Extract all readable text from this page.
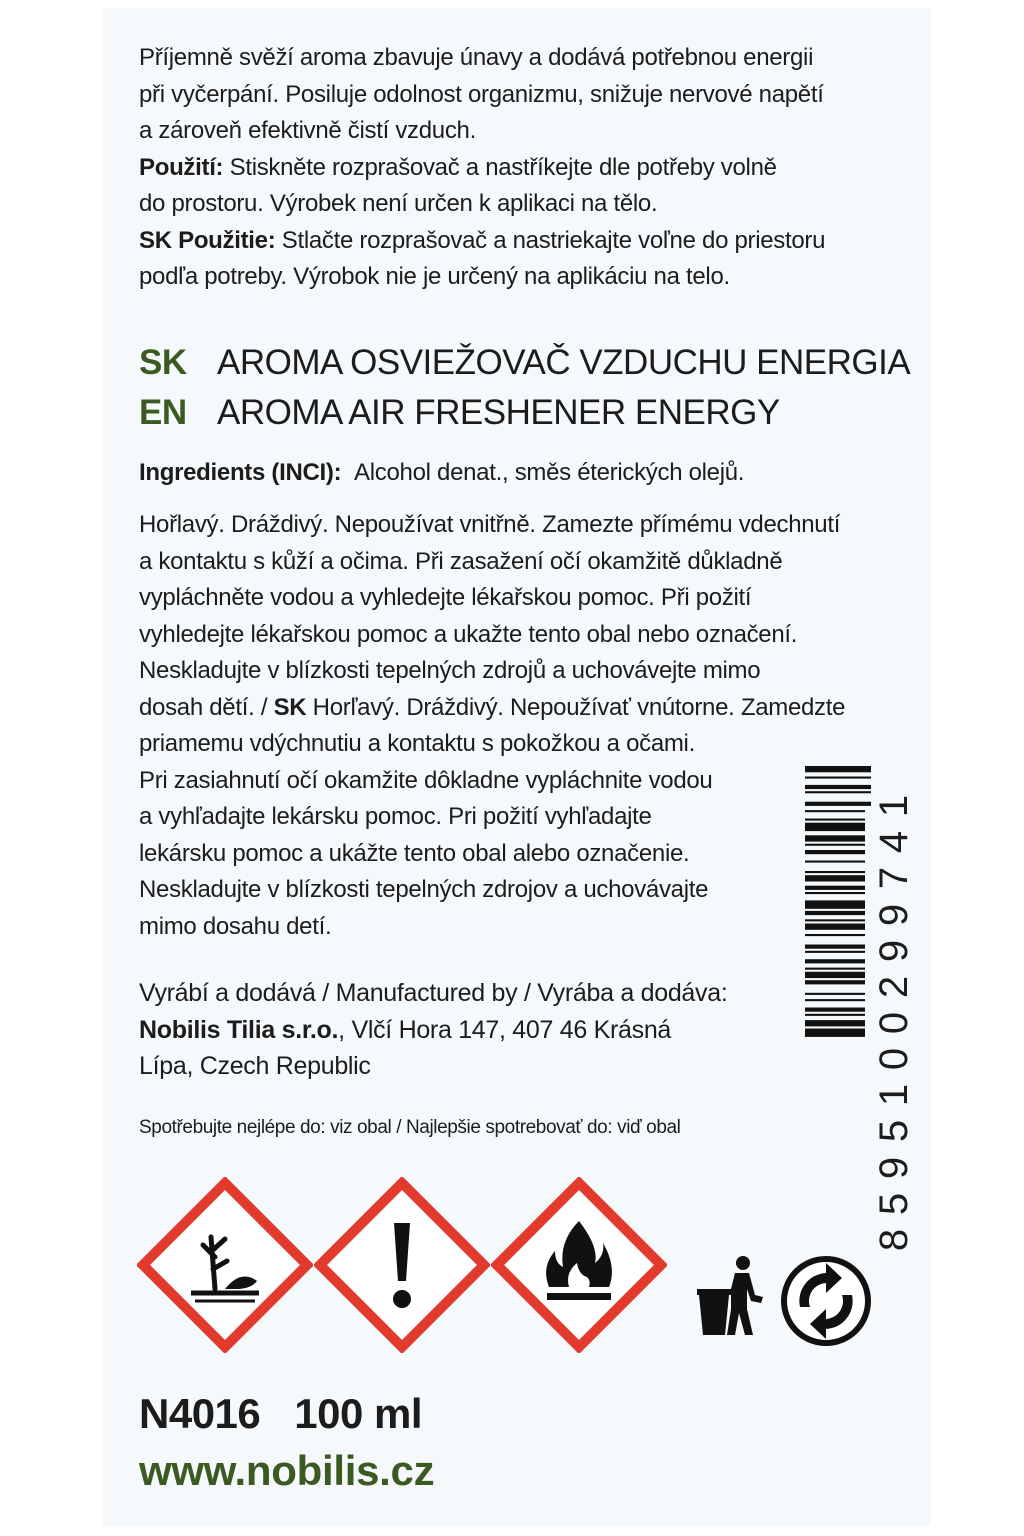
Příjemně svěží aroma zbavuje únavy a dodává potřebnou energii

při vyčerpání. Posiluje odolnost organizmu, snižuje nervové napětí

a zároveň efektivně čistí vzduch.

Použití: Stiskněte rozprašovač a nastříkejte dle potřeby volně

do prostoru. Výrobek není určen k aplikaci na tělo.

SK Použitie: Stlačte rozprašovač a nastriekajte voľne do priestoru

podľa potreby. Výrobok nie je určený na aplikáciu na telo.

SK AROMA OSVIEŽOVAČ VZDUCHU ENERGIA
EN AROMA AIR FRESHENER ENERGY
Ingredients (INCI): Alcohol denat., směs éterických olejů.
Hořlavý. Dráždivý. Nepoužívat vnitřně. Zamezte přímému vdechnutí
a kontaktu s kůží a očima. Při zasažení očí okamžitě důkladně
vypláchněte vodou a vyhledejte lékařskou pomoc. Při požití
vyhledejte lékařskou pomoc a ukažte tento obal nebo označení.
Neskladujte v blízkosti tepelných zdrojů a uchovávejte mimo
dosah dětí. / SK Horľavý. Dráždivý. Nepoužívať vnútorne. Zamedzte
priamemu vdýchnutiu a kontaktu s pokožkou a očami.
Pri zasiahnutí očí okamžite dôkladne vypláchnite vodou
a vyhľadajte lekársku pomoc. Pri požití vyhľadajte
lekársku pomoc a ukážte tento obal alebo označenie.
Neskladujte v blízkosti tepelných zdrojov a uchovávajte
mimo dosahu detí.
Vyrábí a dodává / Manufactured by / Vyrába a dodáva:
Nobilis Tilia s.r.o., Vlčí Hora 147, 407 46 Krásná
Lípa, Czech Republic
Spotřebujte nejlépe do: viz obal / Najlepšie spotrebovať do: viď obal
8
5
9
5
1
0
0
2
9
9
7
4
1
N4016 100 ml
www.nobilis.cz
